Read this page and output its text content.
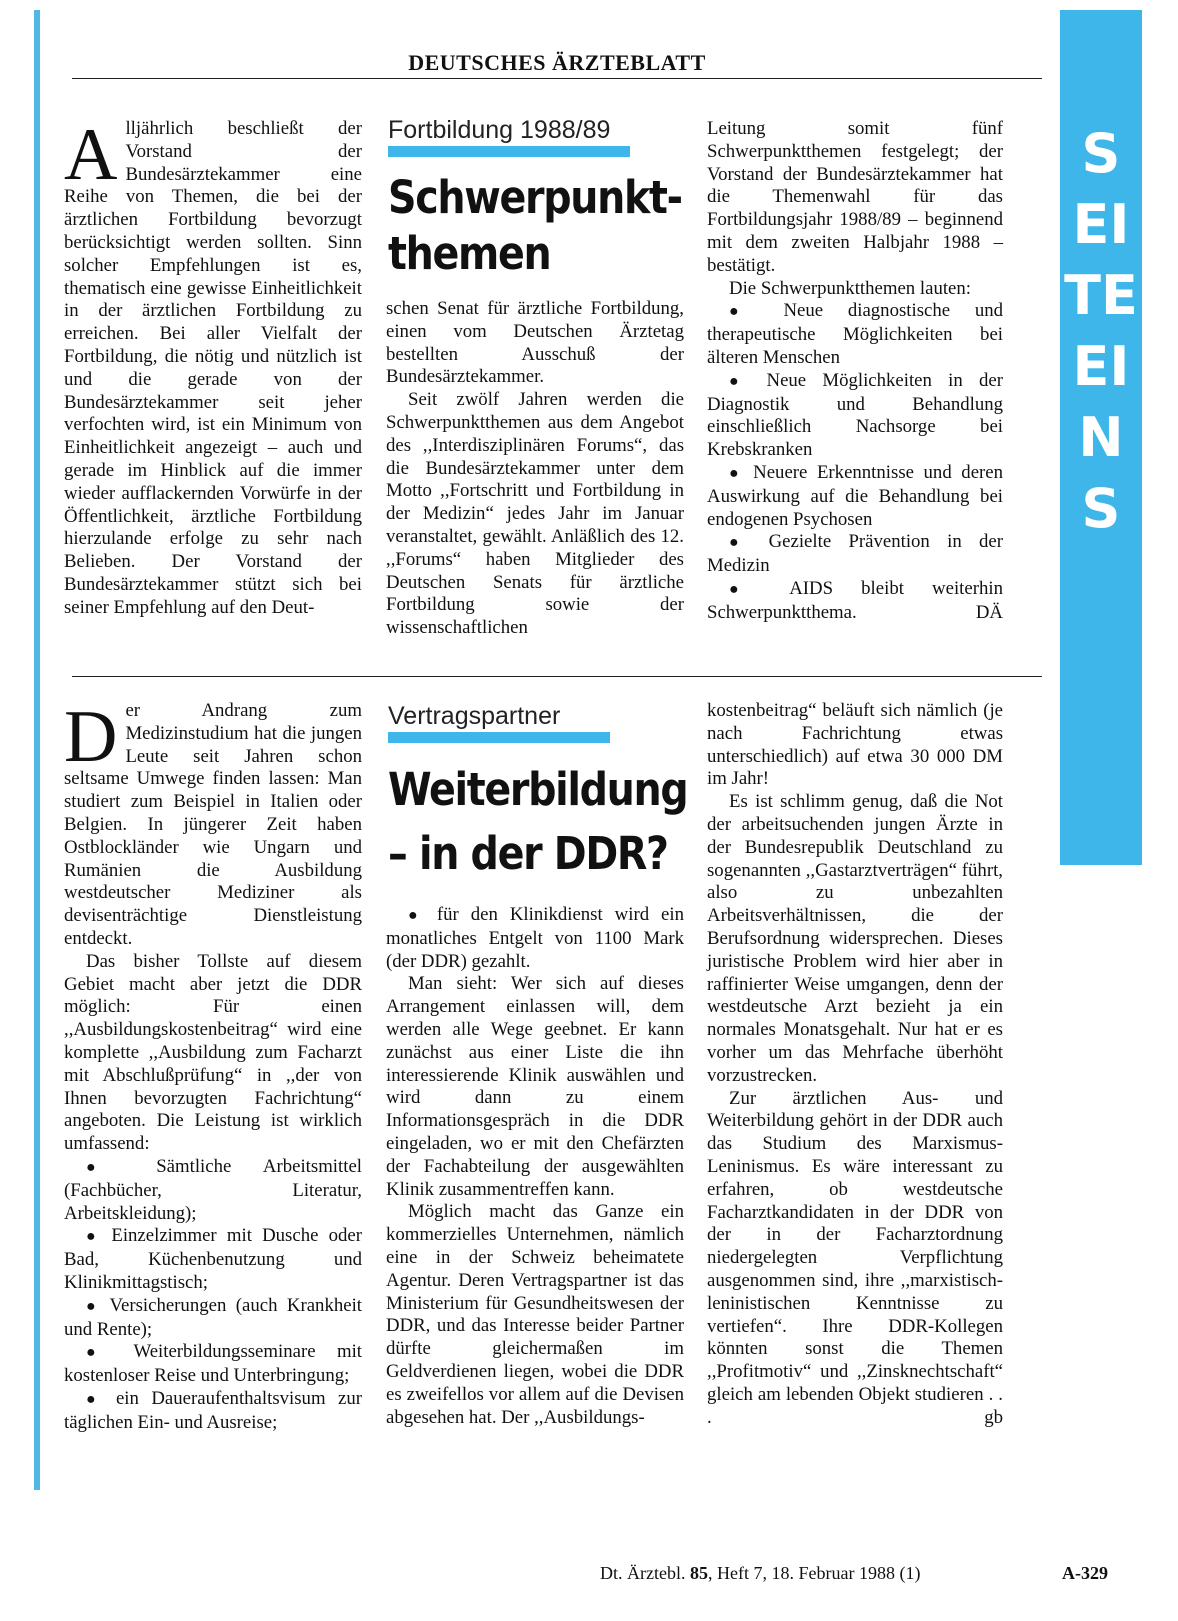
SEITE EINS
DEUTSCHES ÄRZTEBLATT

Alljährlich beschließt der Vorstand der Bundesärztekammer eine Reihe von Themen, die bei der ärztlichen Fortbildung bevorzugt berücksichtigt werden sollten. Sinn solcher Empfehlungen ist es, thematisch eine gewisse Einheitlichkeit in der ärztlichen Fortbildung zu erreichen. Bei aller Vielfalt der Fortbildung, die nötig und nützlich ist und die gerade von der Bundesärztekammer seit jeher verfochten wird, ist ein Minimum von Einheitlichkeit angezeigt – auch und gerade im Hinblick auf die immer wieder aufflackernden Vorwürfe in der Öffentlichkeit, ärztliche Fortbildung hierzulande erfolge zu sehr nach Belieben. Der Vorstand der Bundesärztekammer stützt sich bei seiner Empfehlung auf den Deut-

Fortbildung 1988/89
Schwerpunkt-themen

schen Senat für ärztliche Fortbildung, einen vom Deutschen Ärztetag bestellten Ausschuß der Bundesärztekammer.

Seit zwölf Jahren werden die Schwerpunktthemen aus dem Angebot des ,,Interdisziplinären Forums“, das die Bundesärztekammer unter dem Motto ,,Fortschritt und Fortbildung in der Medizin“ jedes Jahr im Januar veranstaltet, gewählt. Anläßlich des 12. ,,Forums“ haben Mitglieder des Deutschen Senats für ärztliche Fortbildung sowie der wissenschaftlichen

Leitung somit fünf Schwerpunktthemen festgelegt; der Vorstand der Bundesärztekammer hat die Themenwahl für das Fortbildungsjahr 1988/89 – beginnend mit dem zweiten Halbjahr 1988 – bestätigt.

Die Schwerpunktthemen lauten:

● Neue diagnostische und therapeutische Möglichkeiten bei älteren Menschen

● Neue Möglichkeiten in der Diagnostik und Behandlung einschließlich Nachsorge bei Krebskranken

● Neuere Erkenntnisse und deren Auswirkung auf die Behandlung bei endogenen Psychosen

● Gezielte Prävention in der Medizin

● AIDS bleibt weiterhin Schwerpunktthema.	DÄ

Der Andrang zum Medizinstudium hat die jungen Leute seit Jahren schon seltsame Umwege finden lassen: Man studiert zum Beispiel in Italien oder Belgien. In jüngerer Zeit haben Ostblockländer wie Ungarn und Rumänien die Ausbildung westdeutscher Mediziner als devisenträchtige Dienstleistung entdeckt.

Das bisher Tollste auf diesem Gebiet macht aber jetzt die DDR möglich: Für einen ,,Ausbildungskostenbeitrag“ wird eine komplette ,,Ausbildung zum Facharzt mit Abschlußprüfung“ in ,,der von Ihnen bevorzugten Fachrichtung“ angeboten. Die Leistung ist wirklich umfassend:

● Sämtliche Arbeitsmittel (Fachbücher, Literatur, Arbeitskleidung);

● Einzelzimmer mit Dusche oder Bad, Küchenbenutzung und Klinikmittagstisch;

● Versicherungen (auch Krankheit und Rente);

● Weiterbildungsseminare mit kostenloser Reise und Unterbringung;

● ein Daueraufenthaltsvisum zur täglichen Ein- und Ausreise;

Vertragspartner
Weiterbildung
– in der DDR?

● für den Klinikdienst wird ein monatliches Entgelt von 1100 Mark (der DDR) gezahlt.

Man sieht: Wer sich auf dieses Arrangement einlassen will, dem werden alle Wege geebnet. Er kann zunächst aus einer Liste die ihn interessierende Klinik auswählen und wird dann zu einem Informationsgespräch in die DDR eingeladen, wo er mit den Chefärzten der Fachabteilung der ausgewählten Klinik zusammentreffen kann.

Möglich macht das Ganze ein kommerzielles Unternehmen, nämlich eine in der Schweiz beheimatete Agentur. Deren Vertragspartner ist das Ministerium für Gesundheitswesen der DDR, und das Interesse beider Partner dürfte gleichermaßen im Geldverdienen liegen, wobei die DDR es zweifellos vor allem auf die Devisen abgesehen hat. Der ,,Ausbildungs-

kostenbeitrag“ beläuft sich nämlich (je nach Fachrichtung etwas unterschiedlich) auf etwa 30 000 DM im Jahr!

Es ist schlimm genug, daß die Not der arbeitsuchenden jungen Ärzte in der Bundesrepublik Deutschland zu sogenannten ,,Gastarztverträgen“ führt, also zu unbezahlten Arbeitsverhältnissen, die der Berufsordnung widersprechen. Dieses juristische Problem wird hier aber in raffinierter Weise umgangen, denn der westdeutsche Arzt bezieht ja ein normales Monatsgehalt. Nur hat er es vorher um das Mehrfache überhöht vorzustrecken.

Zur ärztlichen Aus- und Weiterbildung gehört in der DDR auch das Studium des Marxismus-Leninismus. Es wäre interessant zu erfahren, ob westdeutsche Facharztkandidaten in der DDR von der in der Facharztordnung niedergelegten Verpflichtung ausgenommen sind, ihre ,,marxistisch-leninistischen Kenntnisse zu vertiefen“. Ihre DDR-Kollegen könnten sonst die Themen ,,Profitmotiv“ und ,,Zinsknechtschaft“ gleich am lebenden Objekt studieren . . .	gb

Dt. Ärztebl. 85, Heft 7, 18. Februar 1988 (1)	A-329
